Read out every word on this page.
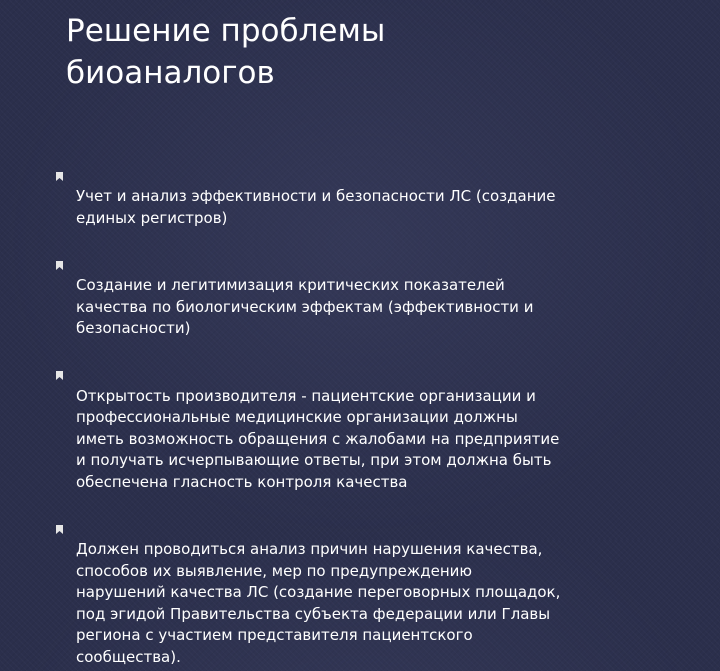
Решение проблемы
биоаналогов

Учет и анализ эффективности и безопасности ЛС (создание
единых регистров)

Создание и легитимизация критических показателей
качества по биологическим эффектам (эффективности и
безопасности)

Открытость производителя - пациентские организации и
профессиональные медицинские организации должны
иметь возможность обращения с жалобами на предприятие
и получать исчерпывающие ответы, при этом должна быть
обеспечена гласность контроля качества

Должен проводиться анализ причин нарушения качества,
способов их выявление, мер по предупреждению
нарушений качества ЛС (создание переговорных площадок,
под эгидой Правительства субъекта федерации или Главы
региона с участием представителя пациентского
сообщества).
